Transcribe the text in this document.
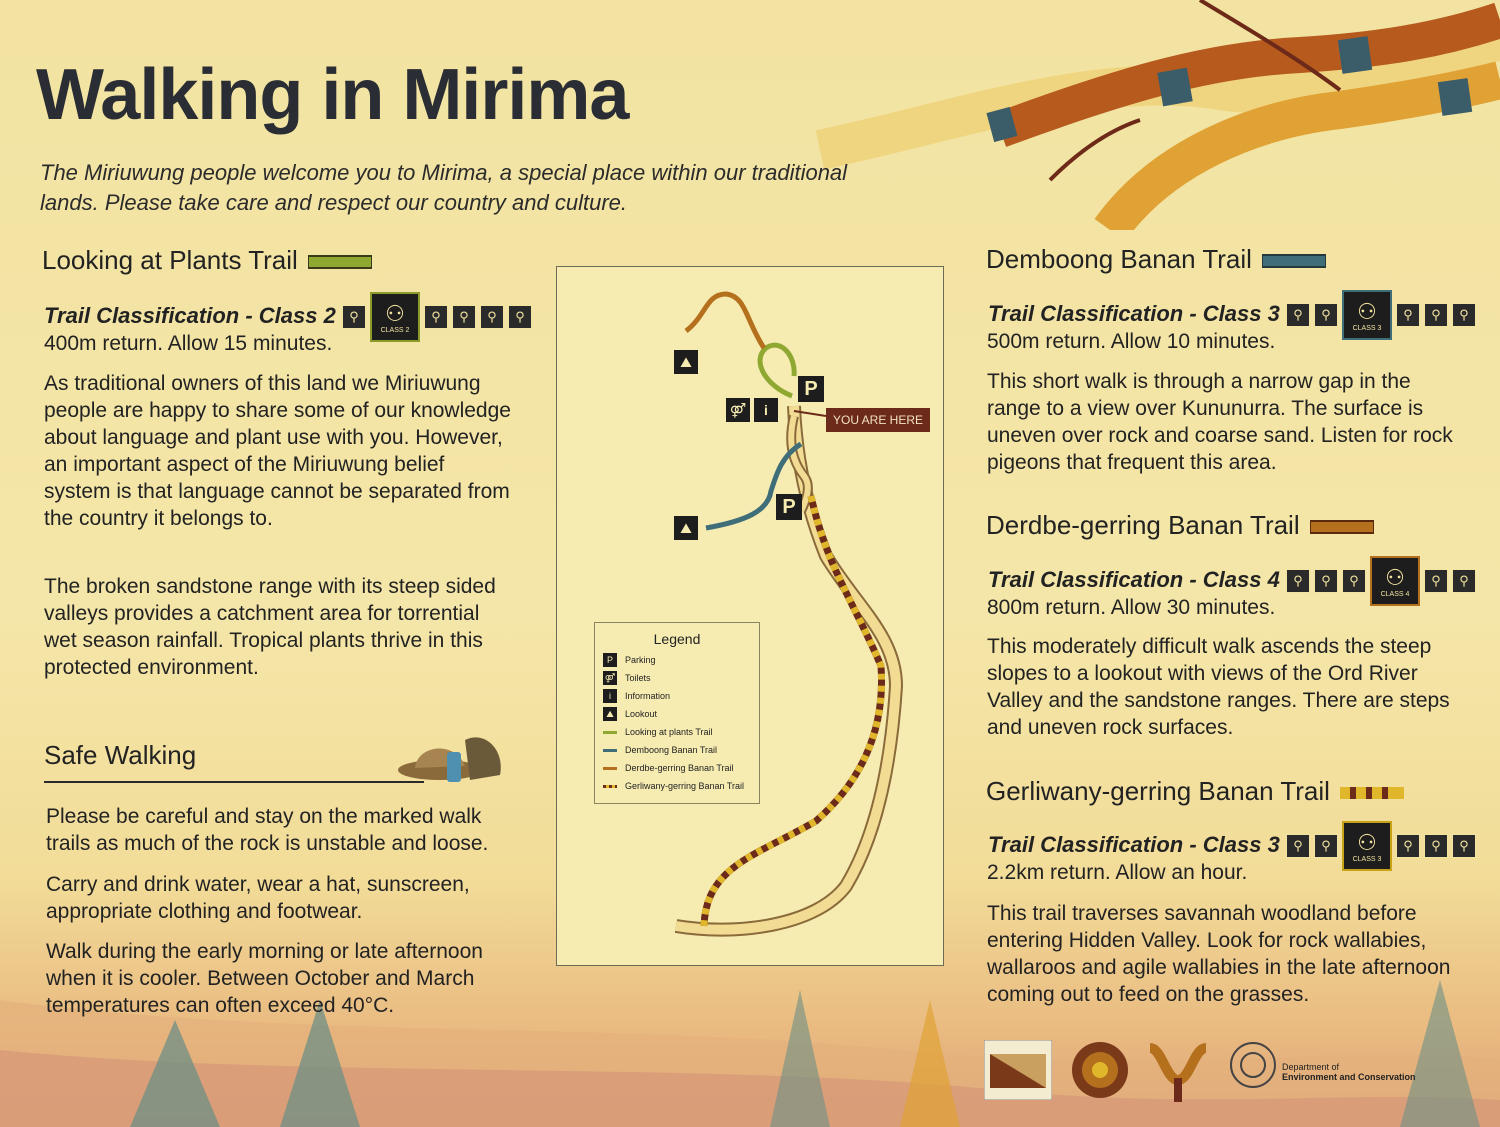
Walking in Mirima
The Miriuwung people welcome you to Mirima, a special place within our traditional lands. Please take care and respect our country and culture.
Looking at Plants Trail
Trail Classification - Class 2	⚲	⚇
CLASS 2
⚲	⚲	⚲	⚲
400m return. Allow 15 minutes.
As traditional owners of this land we Miriuwung people are happy to share some of our knowledge about language and plant use with you. However, an important aspect of the Miriuwung belief system is that language cannot be separated from the country it belongs to.
The broken sandstone range with its steep sided valleys provides a catchment area for torrential wet season rainfall. Tropical plants thrive in this protected environment.
Safe Walking
Please be careful and stay on the marked walk trails as much of the rock is unstable and loose.
Carry and drink water, wear a hat, sunscreen, appropriate clothing and footwear.
Walk during the early morning or late afternoon when it is cooler. Between October and March temperatures can often exceed 40°C.
⛰
⛰
P
P
⚤	i
YOU ARE HERE
Legend
P	Parking
⚤ Toilets
i	Information
⛰	Lookout
Looking at plants Trail
Demboong Banan Trail
Derdbe-gerring Banan Trail
Gerliwany-gerring Banan Trail
Demboong Banan Trail
Trail Classification - Class 3	⚲	⚲	⚇
CLASS 3
⚲	⚲	⚲
500m return. Allow 10 minutes.
This short walk is through a narrow gap in the range to a view over Kununurra. The surface is uneven over rock and coarse sand. Listen for rock pigeons that frequent this area.
Derdbe-gerring Banan Trail
Trail Classification - Class 4	⚲	⚲	⚲	⚇
CLASS 4
⚲	⚲
800m return. Allow 30 minutes.
This moderately difficult walk ascends the steep slopes to a lookout with views of the Ord River Valley and the sandstone ranges. There are steps and uneven rock surfaces.
Gerliwany-gerring Banan Trail
Trail Classification - Class 3	⚲	⚲	⚇
CLASS 3
⚲	⚲	⚲
2.2km return. Allow an hour.
This trail traverses savannah woodland before entering Hidden Valley. Look for rock wallabies, wallaroos and agile wallabies in the late afternoon coming out to feed on the grasses.
Department of
Environment and Conservation
